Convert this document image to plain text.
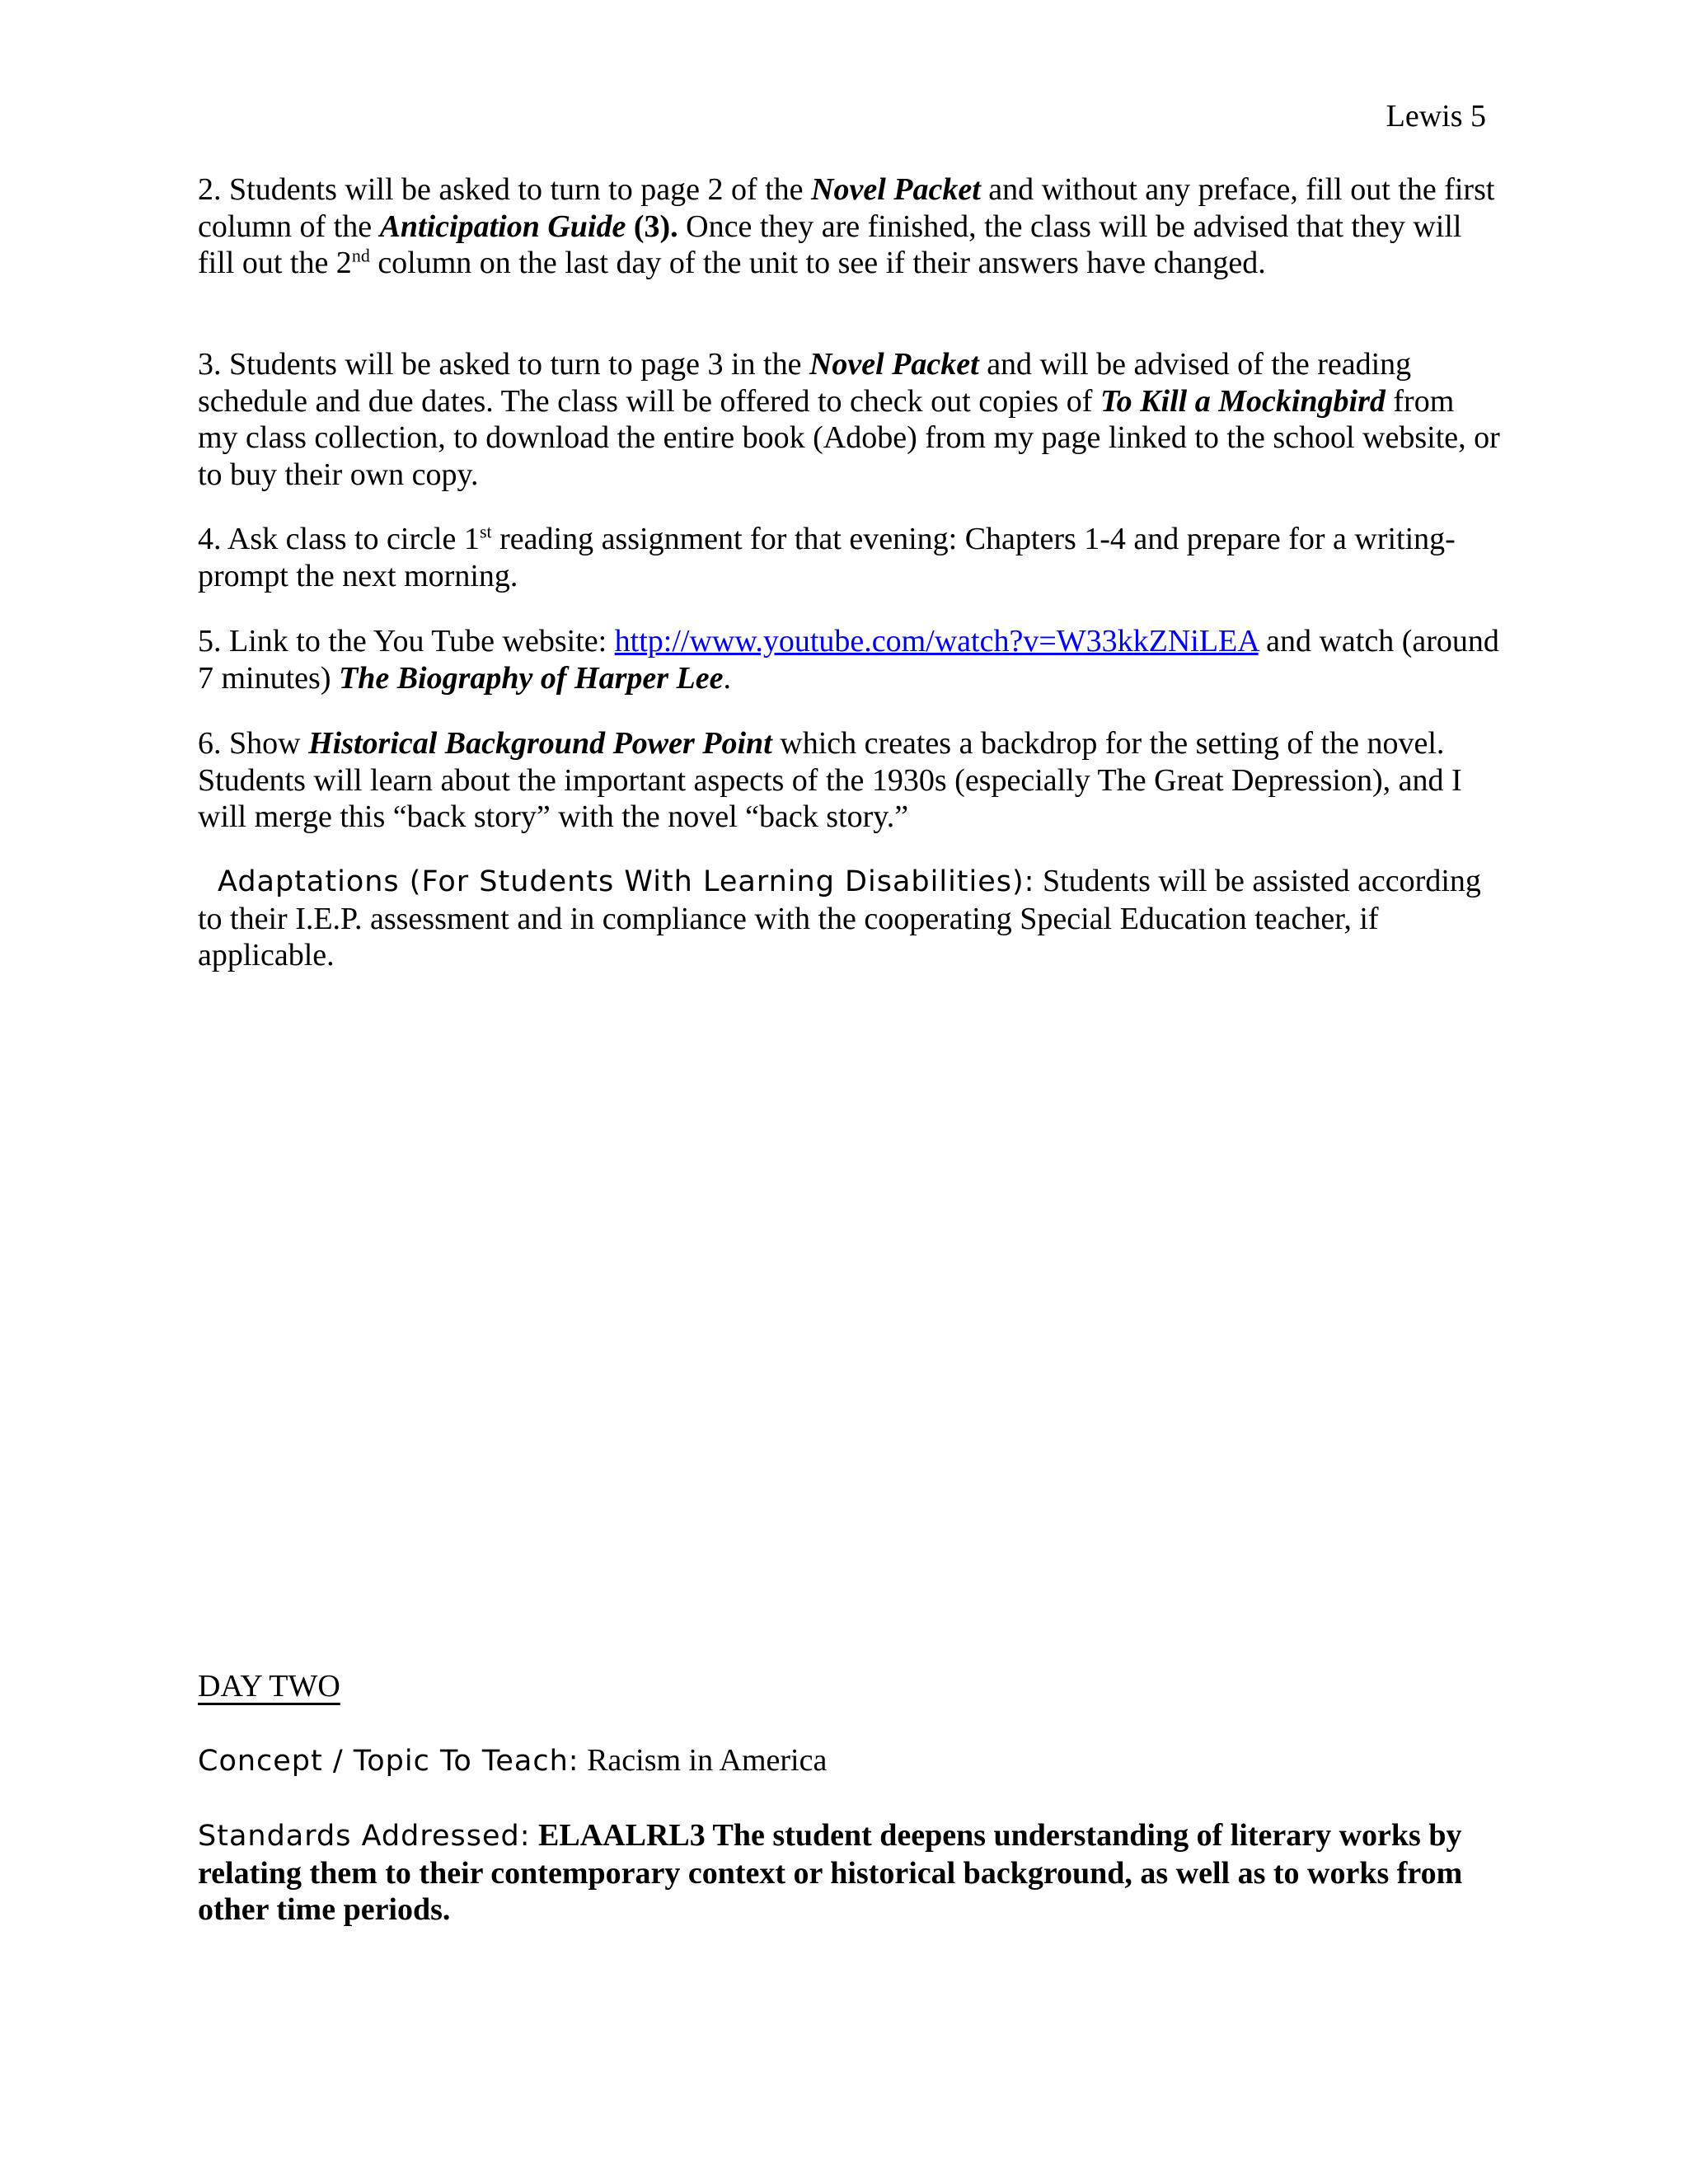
Lewis 5

2. Students will be asked to turn to page 2 of the Novel Packet and without any preface, fill out the first column of the Anticipation Guide (3). Once they are finished, the class will be advised that they will fill out the 2nd column on the last day of the unit to see if their answers have changed.

3. Students will be asked to turn to page 3 in the Novel Packet and will be advised of the reading schedule and due dates. The class will be offered to check out copies of To Kill a Mockingbird from my class collection, to download the entire book (Adobe) from my page linked to the school website, or to buy their own copy.

4. Ask class to circle 1st reading assignment for that evening: Chapters 1-4 and prepare for a writing-prompt the next morning.

5. Link to the You Tube website: http://www.youtube.com/watch?v=W33kkZNiLEA and watch (around 7 minutes) The Biography of Harper Lee.

6. Show Historical Background Power Point which creates a backdrop for the setting of the novel. Students will learn about the important aspects of the 1930s (especially The Great Depression), and I will merge this “back story” with the novel “back story.”

Adaptations (For Students With Learning Disabilities): Students will be assisted according to their I.E.P. assessment and in compliance with the cooperating Special Education teacher, if applicable.

DAY TWO

Concept / Topic To Teach: Racism in America

Standards Addressed: ELAALRL3 The student deepens understanding of literary works by relating them to their contemporary context or historical background, as well as to works from other time periods.
